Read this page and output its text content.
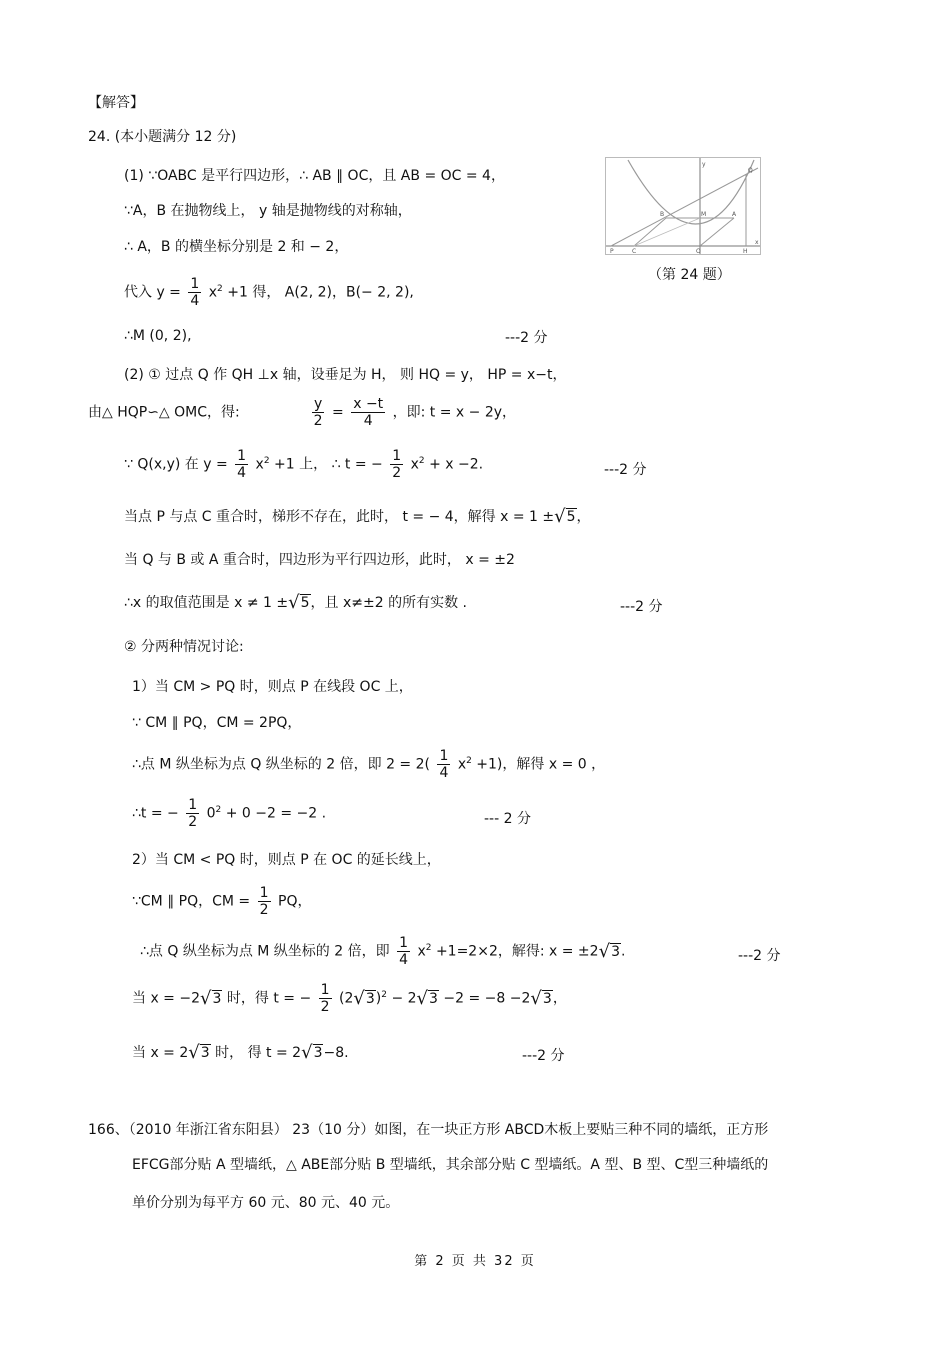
【解答】
24. (本小题满分 12 分)
y
Q
B	M	A
P	C	O	H
x
（第 24 题）
(1) ∵OABC 是平行四边形，∴ AB ∥ OC，且 AB = OC = 4，
∵A，B 在抛物线上， y 轴是抛物线的对称轴，
∴ A，B 的横坐标分别是 2 和 − 2，
代入 $y = \frac{1}{4} x^2 +1$ 得， A(2, 2)，B(− 2, 2),
∴M (0, 2),	---2 分
(2) ① 过点 Q 作 QH ⊥x 轴，设垂足为 H， 则 HQ = y， HP = x−t，
由△ HQP∽△ OMC，得:	$\frac{y}{2} = \frac{x -t}{4}$ ，即: t = x − 2y，
∵ Q(x,y) 在 $y = \frac{1}{4} x^2 +1$ 上， ∴ t = − $\frac{1}{2} x^2 + x -2$.	---2 分
当点 P 与点 C 重合时，梯形不存在，此时， t = − 4，解得 x = 1 ±√5，
当 Q 与 B 或 A 重合时，四边形为平行四边形，此时， x = ±2
∴x 的取值范围是 x ≠ 1 ±√5，且 x≠±2 的所有实数 .	---2 分
② 分两种情况讨论:
1）当 CM > PQ 时，则点 P 在线段 OC 上，
∵ CM ∥ PQ，CM = 2PQ，
∴点 M 纵坐标为点 Q 纵坐标的 2 倍，即 $2 = 2( \frac{1}{4} x^2 +1)$，解得 x = 0 ，
∴t = − $\frac{1}{2} 0^2 + 0 -2 = -2$ .	--- 2 分
2）当 CM < PQ 时，则点 P 在 OC 的延长线上，
∵CM ∥ PQ，CM = $\frac{1}{2}$ PQ，
∴点 Q 纵坐标为点 M 纵坐标的 2 倍，即 $\frac{1}{4} x^2 +1=2\times 2$，解得: x = ±2√3.	---2 分
当 x = −2√3 时，得 t = − $\frac{1}{2} (2√3)^2 - 2√3 -2 = -8 -2√3$，
当 x = 2√3 时， 得 t = 2√3−8.	---2 分
166、（2010 年浙江省东阳县） 23（10 分）如图，在一块正方形 ABCD木板上要贴三种不同的墙纸，正方形
EFCG部分贴 A 型墙纸，△ ABE部分贴 B 型墙纸，其余部分贴 C 型墙纸。A 型、B 型、C型三种墙纸的
单价分别为每平方 60 元、80 元、40 元。
第 2 页 共 32 页
